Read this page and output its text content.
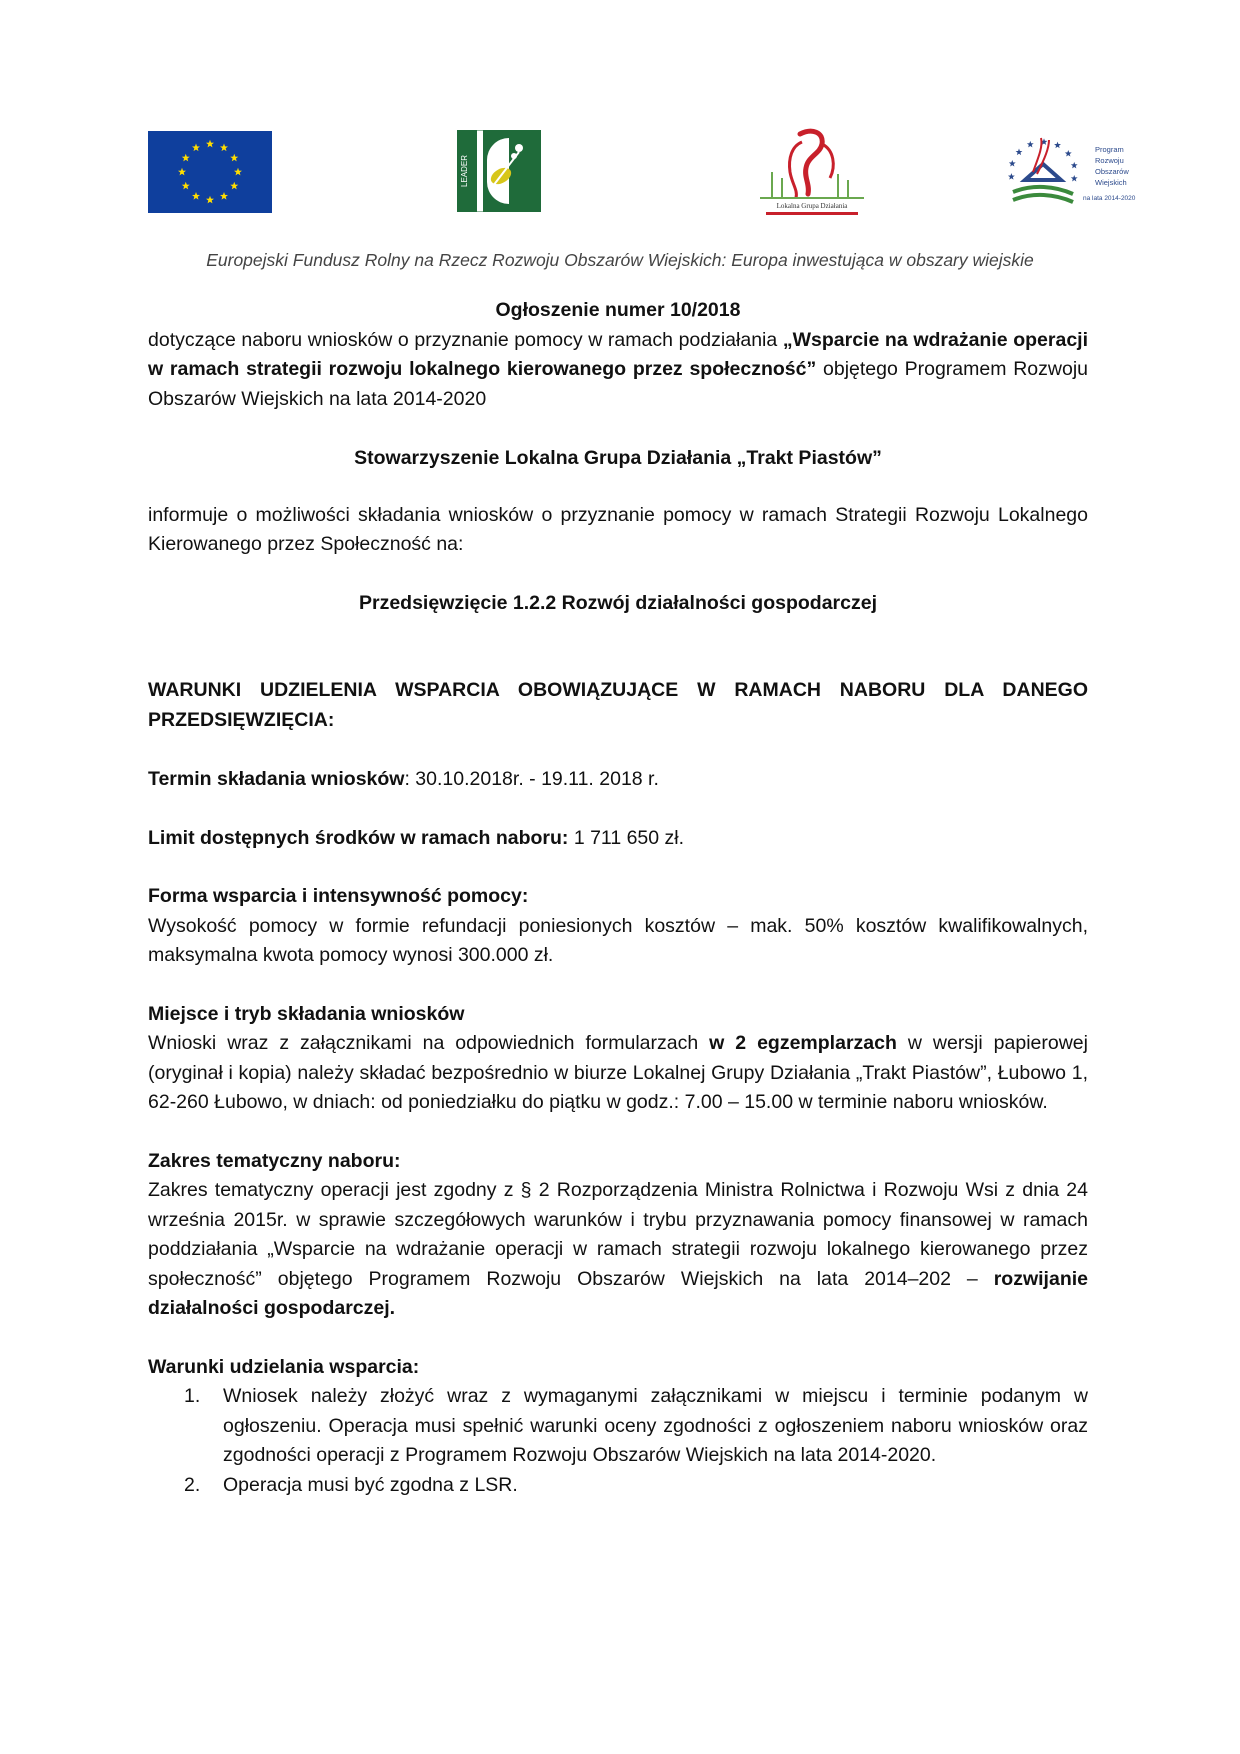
LEADER
Lokalna Grupa Działania
Program
Rozwoju
Obszarów
Wiejskich
na lata 2014-2020
Europejski Fundusz Rolny na Rzecz Rozwoju Obszarów Wiejskich: Europa inwestująca w obszary wiejskie

Ogłoszenie numer 10/2018

dotyczące naboru wniosków o przyznanie pomocy w ramach podziałania „Wsparcie na wdrażanie operacji w ramach strategii rozwoju lokalnego kierowanego przez społeczność” objętego Programem Rozwoju Obszarów Wiejskich na lata 2014-2020

Stowarzyszenie Lokalna Grupa Działania „Trakt Piastów”

informuje o możliwości składania wniosków o przyznanie pomocy w ramach Strategii Rozwoju Lokalnego Kierowanego przez Społeczność na:

Przedsięwzięcie 1.2.2 Rozwój działalności gospodarczej

WARUNKI UDZIELENIA WSPARCIA OBOWIĄZUJĄCE W RAMACH NABORU DLA DANEGO PRZEDSIĘWZIĘCIA:

Termin składania wniosków: 30.10.2018r. - 19.11. 2018 r.

Limit dostępnych środków w ramach naboru: 1 711 650 zł.

Forma wsparcia i intensywność pomocy:

Wysokość pomocy w formie refundacji poniesionych kosztów – mak. 50% kosztów kwalifikowalnych, maksymalna kwota pomocy wynosi 300.000 zł.

Miejsce i tryb składania wniosków

Wnioski wraz z załącznikami na odpowiednich formularzach w 2 egzemplarzach w wersji papierowej (oryginał i kopia) należy składać bezpośrednio w biurze Lokalnej Grupy Działania „Trakt Piastów”, Łubowo 1, 62-260 Łubowo, w dniach: od poniedziałku do piątku w godz.: 7.00 – 15.00 w terminie naboru wniosków.

Zakres tematyczny naboru:

Zakres tematyczny operacji jest zgodny z § 2 Rozporządzenia Ministra Rolnictwa i Rozwoju Wsi z dnia 24 września 2015r. w sprawie szczegółowych warunków i trybu przyznawania pomocy finansowej w ramach poddziałania „Wsparcie na wdrażanie operacji w ramach strategii rozwoju lokalnego kierowanego przez społeczność” objętego Programem Rozwoju Obszarów Wiejskich na lata 2014–202 – rozwijanie działalności gospodarczej.

Warunki udzielania wsparcia:

1. Wniosek należy złożyć wraz z wymaganymi załącznikami w miejscu i terminie podanym w ogłoszeniu. Operacja musi spełnić warunki oceny zgodności z ogłoszeniem naboru wniosków oraz zgodności operacji z Programem Rozwoju Obszarów Wiejskich na lata 2014-2020.
2. Operacja musi być zgodna z LSR.
